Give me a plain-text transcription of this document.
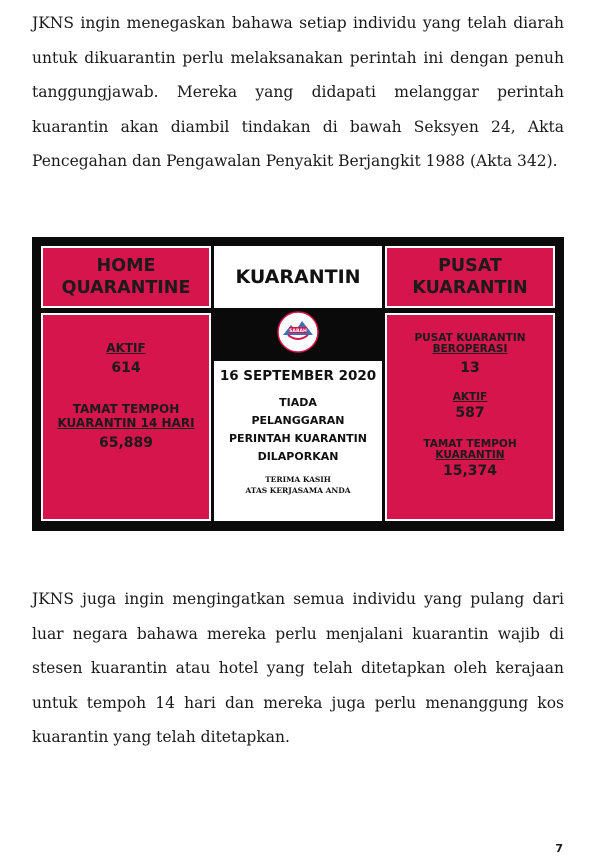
JKNS ingin menegaskan bahawa setiap individu yang telah diarah untuk dikuarantin perlu melaksanakan perintah ini dengan penuh tanggungjawab. Mereka yang didapati melanggar perintah kuarantin akan diambil tindakan di bawah Seksyen 24, Akta Pencegahan dan Pengawalan Penyakit Berjangkit 1988 (Akta 342).

HOME
QUARANTINE KUARANTIN	PUSAT
KUARANTIN
AKTIF
614
TAMAT TEMPOH
KUARANTIN 14 HARI
65,889
SABAH
16 SEPTEMBER 2020
TIADA
PELANGGARAN
PERINTAH KUARANTIN
DILAPORKAN
TERIMA KASIH
ATAS KERJASAMA ANDA
PUSAT KUARANTIN
BEROPERASI
13
AKTIF
587
TAMAT TEMPOH
KUARANTIN
15,374

JKNS juga ingin mengingatkan semua individu yang pulang dari luar negara bahawa mereka perlu menjalani kuarantin wajib di stesen kuarantin atau hotel yang telah ditetapkan oleh kerajaan untuk tempoh 14 hari dan mereka juga perlu menanggung kos kuarantin yang telah ditetapkan.

7
